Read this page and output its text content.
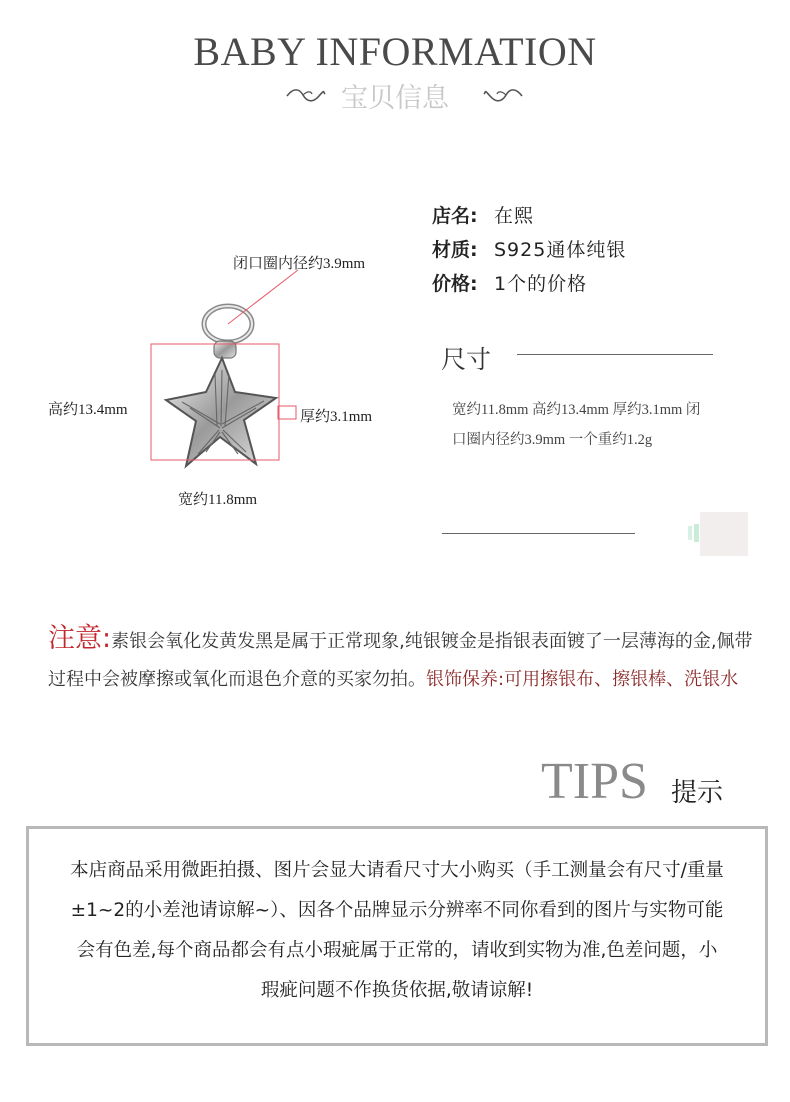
BABY INFORMATION
宝贝信息
闭口圈内径约3.9mm
高约13.4mm	厚约3.1mm
宽约11.8mm
店名: 在熙
材质: S925通体纯银
价格: 1个的价格
尺寸
宽约11.8mm 高约13.4mm 厚约3.1mm 闭口圈内径约3.9mm 一个重约1.2g
注意:素银会氧化发黄发黑是属于正常现象,纯银镀金是指银表面镀了一层薄海的金,佩带过程中会被摩擦或氧化而退色介意的买家勿拍。银饰保养:可用擦银布、擦银棒、洗银水
TIPS 提示
本店商品采用微距拍摄、图片会显大请看尺寸大小购买（手工测量会有尺寸/重量±1~2的小差池请谅解~）、因各个品牌显示分辨率不同你看到的图片与实物可能会有色差,每个商品都会有点小瑕疵属于正常的，请收到实物为准,色差问题，小瑕疵问题不作换货依据,敬请谅解!
